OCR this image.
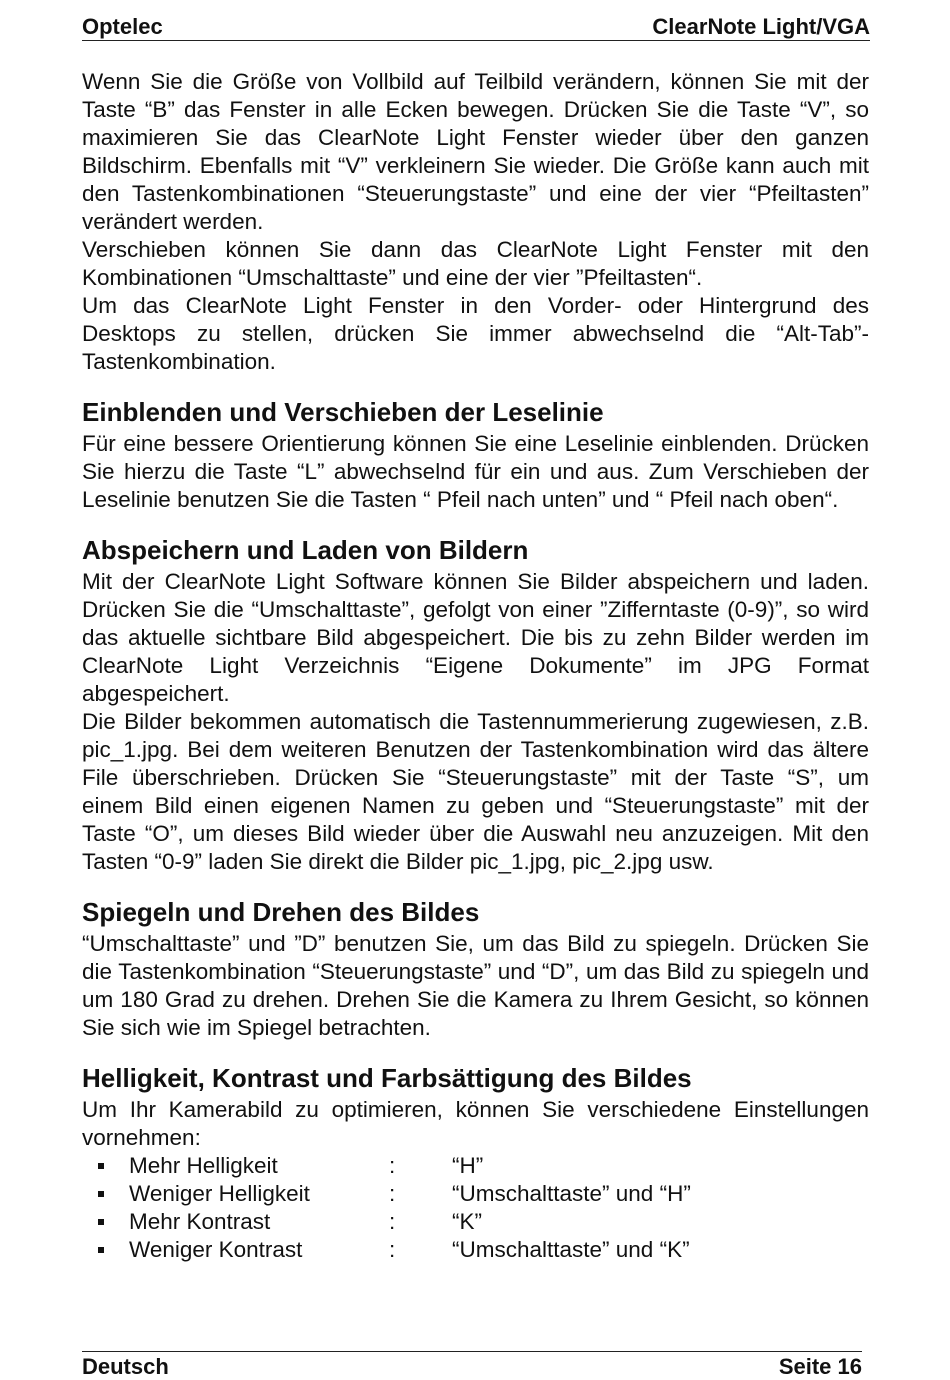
Optelec	ClearNote Light/VGA

Wenn Sie die Größe von Vollbild auf Teilbild verändern, können Sie mit der Taste “B” das Fenster in alle Ecken bewegen. Drücken Sie die Taste “V”, so maximieren Sie das ClearNote Light Fenster wieder über den ganzen Bildschirm. Ebenfalls mit “V” verkleinern Sie wieder. Die Größe kann auch mit den Tastenkombinationen “Steuerungstaste” und eine der vier “Pfeiltasten” verändert werden.

Verschieben können Sie dann das ClearNote Light Fenster mit den Kombinationen “Umschalttaste” und eine der vier ”Pfeiltasten“.

Um das ClearNote Light Fenster in den Vorder- oder Hintergrund des Desktops zu stellen, drücken Sie immer abwechselnd die “Alt-Tab”-Tastenkombination.

Einblenden und Verschieben der Leselinie

Für eine bessere Orientierung können Sie eine Leselinie einblenden. Drücken Sie hierzu die Taste “L” abwechselnd für ein und aus. Zum Verschieben der Leselinie benutzen Sie die Tasten “ Pfeil nach unten” und “ Pfeil nach oben“.

Abspeichern und Laden von Bildern

Mit der ClearNote Light Software können Sie Bilder abspeichern und laden. Drücken Sie die “Umschalttaste”, gefolgt von einer ”Zifferntaste (0-9)”, so wird das aktuelle sichtbare Bild abgespeichert. Die bis zu zehn Bilder werden im ClearNote Light Verzeichnis “Eigene Dokumente” im JPG Format abgespeichert.

Die Bilder bekommen automatisch die Tastennummerierung zugewiesen, z.B. pic_1.jpg. Bei dem weiteren Benutzen der Tastenkombination wird das ältere File überschrieben. Drücken Sie “Steuerungstaste” mit der Taste “S”, um einem Bild einen eigenen Namen zu geben und “Steuerungstaste” mit der Taste “O”, um dieses Bild wieder über die Auswahl neu anzuzeigen. Mit den Tasten “0-9” laden Sie direkt die Bilder pic_1.jpg, pic_2.jpg usw.

Spiegeln und Drehen des Bildes

“Umschalttaste” und ”D” benutzen Sie, um das Bild zu spiegeln. Drücken Sie die Tastenkombination “Steuerungstaste” und “D”, um das Bild zu spiegeln und um 180 Grad zu drehen. Drehen Sie die Kamera zu Ihrem Gesicht, so können Sie sich wie im Spiegel betrachten.

Helligkeit, Kontrast und Farbsättigung des Bildes

Um Ihr Kamerabild zu optimieren, können Sie verschiedene Einstellungen vornehmen:

Mehr Helligkeit	:	“H”
Weniger Helligkeit	:	“Umschalttaste” und “H”
Mehr Kontrast	:	“K”
Weniger Kontrast	:	“Umschalttaste” und “K”
Deutsch	Seite 16
